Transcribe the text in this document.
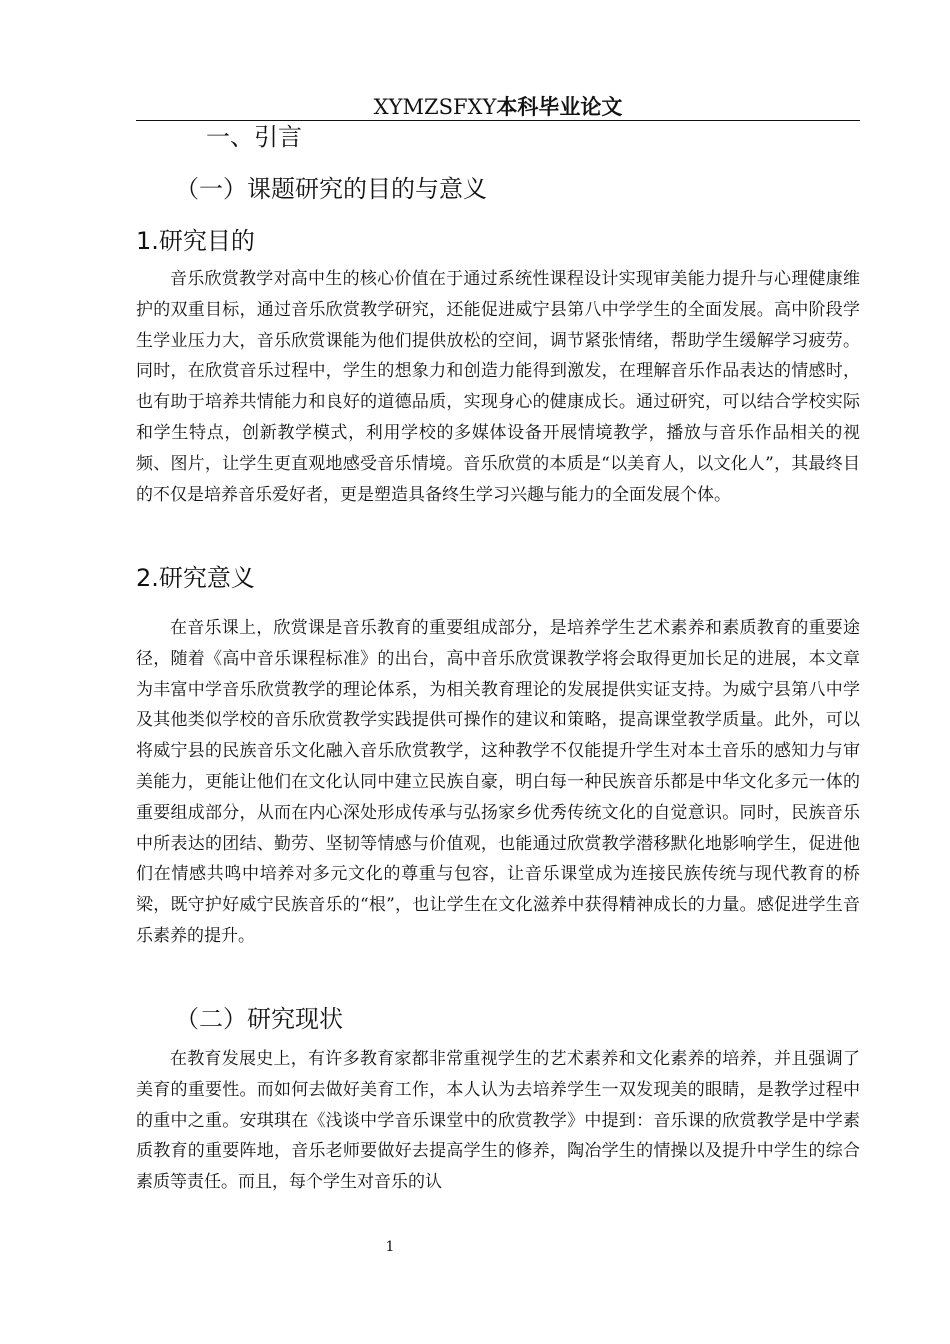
XYMZSFXY本科毕业论文
一、引言
（一）课题研究的目的与意义
1.研究目的

音乐欣赏教学对高中生的核心价值在于通过系统性课程设计实现审美能力提升与心理健康维护的双重目标，通过音乐欣赏教学研究，还能促进威宁县第八中学学生的全面发展。高中阶段学生学业压力大，音乐欣赏课能为他们提供放松的空间，调节紧张情绪，帮助学生缓解学习疲劳。同时，在欣赏音乐过程中，学生的想象力和创造力能得到激发，在理解音乐作品表达的情感时，也有助于培养共情能力和良好的道德品质，实现身心的健康成长。通过研究，可以结合学校实际和学生特点，创新教学模式，利用学校的多媒体设备开展情境教学，播放与音乐作品相关的视频、图片，让学生更直观地感受音乐情境。音乐欣赏的本质是“以美育人，以文化人”，其最终目的不仅是培养音乐爱好者，更是塑造具备终生学习兴趣与能力的全面发展个体。

2.研究意义

在音乐课上，欣赏课是音乐教育的重要组成部分，是培养学生艺术素养和素质教育的重要途径，随着《高中音乐课程标准》的出台，高中音乐欣赏课教学将会取得更加长足的进展，本文章为丰富中学音乐欣赏教学的理论体系，为相关教育理论的发展提供实证支持。为威宁县第八中学及其他类似学校的音乐欣赏教学实践提供可操作的建议和策略，提高课堂教学质量。此外，可以将威宁县的民族音乐文化融入音乐欣赏教学，这种教学不仅能提升学生对本土音乐的感知力与审美能力，更能让他们在文化认同中建立民族自豪，明白每一种民族音乐都是中华文化多元一体的重要组成部分，从而在内心深处形成传承与弘扬家乡优秀传统文化的自觉意识。同时，民族音乐中所表达的团结、勤劳、坚韧等情感与价值观，也能通过欣赏教学潜移默化地影响学生，促进他们在情感共鸣中培养对多元文化的尊重与包容，让音乐课堂成为连接民族传统与现代教育的桥梁，既守护好威宁民族音乐的“根”，也让学生在文化滋养中获得精神成长的力量。感促进学生音乐素养的提升。

（二）研究现状

在教育发展史上，有许多教育家都非常重视学生的艺术素养和文化素养的培养，并且强调了美育的重要性。而如何去做好美育工作，本人认为去培养学生一双发现美的眼睛，是教学过程中的重中之重。安琪琪在《浅谈中学音乐课堂中的欣赏教学》中提到：音乐课的欣赏教学是中学素质教育的重要阵地，音乐老师要做好去提高学生的修养，陶冶学生的情操以及提升中学生的综合素质等责任。而且，每个学生对音乐的认

1
